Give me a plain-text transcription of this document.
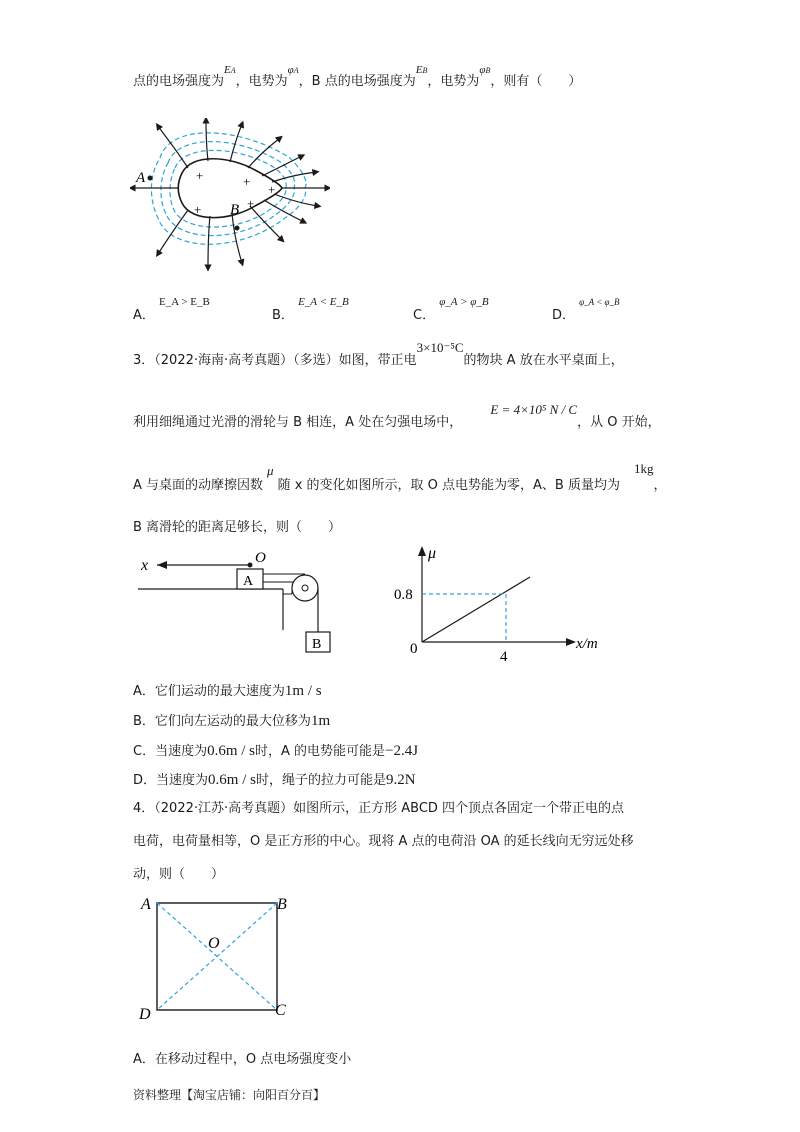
点的电场强度为$^{EA}$，电势为$^{\varphi A}$，B 点的电场强度为$^{EB}$，电势为$^{\varphi B}$，则有（　　）
+	+
+
+	+
A
B
A． $^{E\_A > E\_B}$
B． $^{E\_A < E\_B}$
C． $^{\varphi\_A > \varphi\_B}$
D． $^{\varphi\_A < \varphi\_B}$
3．（2022·海南·高考真题）（多选）如图，带正电3×10⁻⁵C的物块 A 放在水平桌面上，
利用细绳通过光滑的滑轮与 B 相连，A 处在匀强电场中， E = 4×10⁵ N / C，从 O 开始，
A 与桌面的动摩擦因数μ随 x 的变化如图所示，取 O 点电势能为零，A、B 质量均为1kg，
B 离滑轮的距离足够长，则（　　）
x	O
A
B
μ
0.8
0	4
x/m
A．它们运动的最大速度为1m / s
B．它们向左运动的最大位移为1m
C．当速度为0.6m / s时，A 的电势能可能是−2.4J
D．当速度为0.6m / s时，绳子的拉力可能是9.2N
4．（2022·江苏·高考真题）如图所示，正方形 ABCD 四个顶点各固定一个带正电的点
电荷，电荷量相等，O 是正方形的中心。现将 A 点的电荷沿 OA 的延长线向无穷远处移
动，则（　　）
A	B
C
D
O
A．在移动过程中，O 点电场强度变小
资料整理【淘宝店铺：向阳百分百】
